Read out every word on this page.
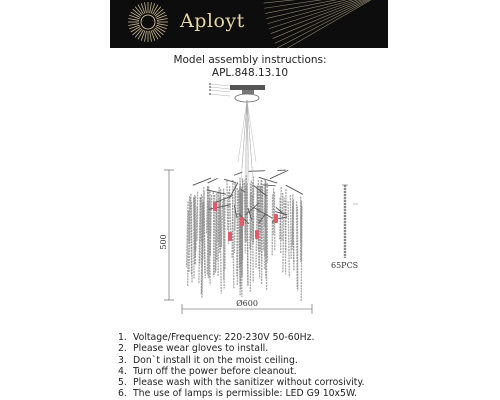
Aployt
Model assembly instructions:
APL.848.13.10
500
Ø600
65PCS
1. Voltage/Frequency: 220-230V 50-60Hz.
2. Please wear gloves to install.
3. Don`t install it on the moist ceiling.
4. Turn off the power before cleanout.
5. Please wash with the sanitizer without corrosivity.
6. The use of lamps is permissible: LED G9 10x5W.
